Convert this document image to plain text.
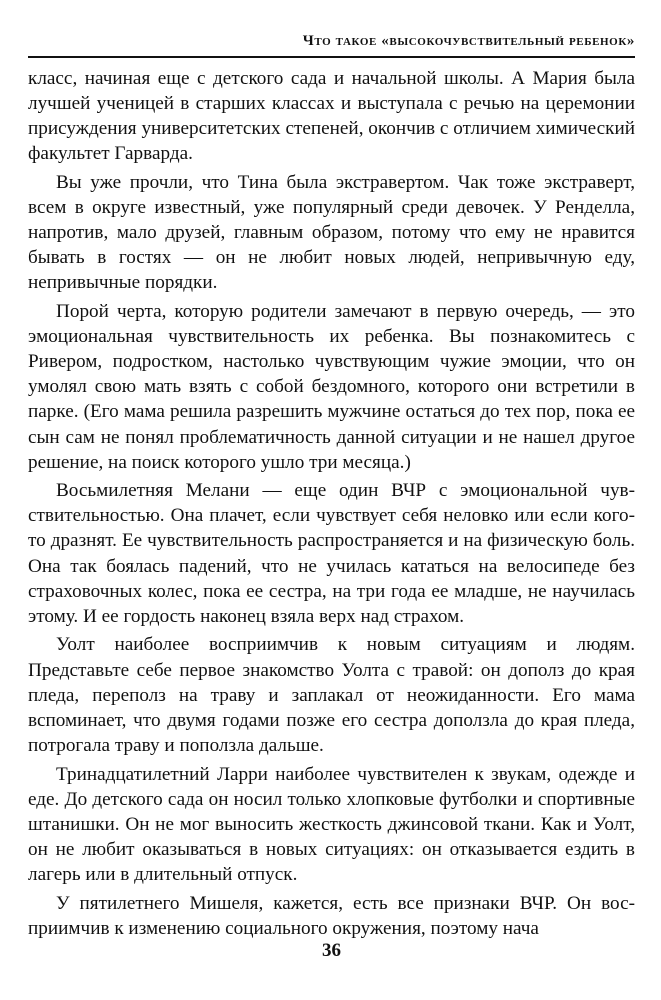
Что такое «высокочувствительный ребенок»

класс, начиная еще с детского сада и начальной школы. А Мария была лучшей ученицей в старших классах и выступала с речью на церемонии присуждения университетских степеней, окончив с отличием химический факультет Гарварда.

Вы уже прочли, что Тина была экстравертом. Чак тоже экстраверт, всем в округе известный, уже популярный среди девочек. У Ренделла, напротив, мало друзей, главным образом, потому что ему не нравится бывать в гостях — он не любит новых людей, непривычную еду, непривычные порядки.

Порой черта, которую родители замечают в первую очередь, — это эмоциональная чувствительность их ребенка. Вы познакомитесь с Ривером, подростком, настолько чувствующим чужие эмоции, что он умолял свою мать взять с собой бездомного, которого они встретили в парке. (Его мама решила разрешить мужчине остаться до тех пор, пока ее сын сам не понял проблематичность данной ситуации и не нашел другое решение, на поиск которого ушло три месяца.)

Восьмилетняя Мелани — еще один ВЧР с эмоциональной чувствительностью. Она плачет, если чувствует себя неловко или если кого-то дразнят. Ее чувствительность распространяется и на физическую боль. Она так боялась падений, что не училась кататься на велосипеде без страховочных колес, пока ее сестра, на три года ее младше, не научилась этому. И ее гордость наконец взяла верх над страхом.

Уолт наиболее восприимчив к новым ситуациям и людям. Представьте себе первое знакомство Уолта с травой: он дополз до края пледа, переполз на траву и заплакал от неожиданности. Его мама вспоминает, что двумя годами позже его сестра доползла до края пледа, потрогала траву и поползла дальше.

Тринадцатилетний Ларри наиболее чувствителен к звукам, одежде и еде. До детского сада он носил только хлопковые футболки и спортивные штанишки. Он не мог выносить жесткость джинсовой ткани. Как и Уолт, он не любит оказываться в новых ситуациях: он отказывается ездить в лагерь или в длительный отпуск.

У пятилетнего Мишеля, кажется, есть все признаки ВЧР. Он восприимчив к изменению социального окружения, поэтому нача

36
